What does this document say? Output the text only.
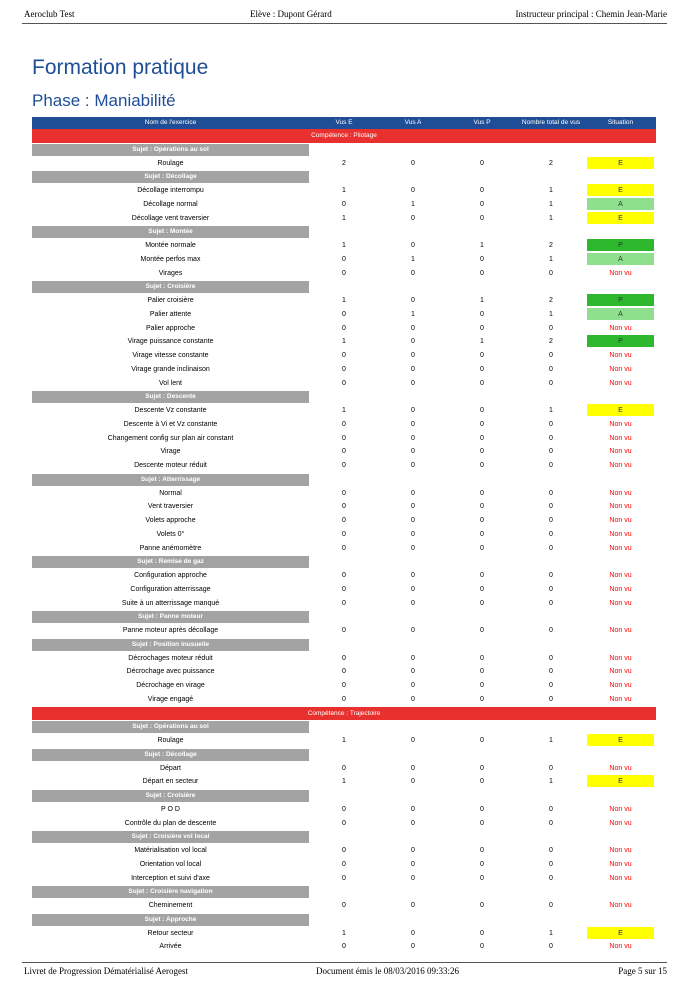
Aeroclub Test	Elève : Dupont Gérard	Instructeur principal : Chemin Jean-Marie
Formation pratique
Phase : Maniabilité
Nom de l'exercice	Vus E	Vus A	Vus P	Nombre total de vus	Situation
Compétence : Pilotage
Sujet : Opérations au sol
Roulage	2	0	0	2	E
Sujet : Décollage
Décollage interrompu	1	0	0	1	E
Décollage normal	0	1	0	1	A
Décollage vent traversier	1	0	0	1	E
Sujet : Montée
Montée normale	1	0	1	2	P
Montée perfos max	0	1	0	1	A
Virages	0	0	0	0	Non vu
Sujet : Croisière
Palier croisière	1	0	1	2	P
Palier attente	0	1	0	1	A
Palier approche	0	0	0	0	Non vu
Virage puissance constante	1	0	1	2	P
Virage vitesse constante	0	0	0	0	Non vu
Virage grande inclinaison	0	0	0	0	Non vu
Vol lent	0	0	0	0	Non vu
Sujet : Descente
Descente Vz constante	1	0	0	1	E
Descente à Vi et Vz constante	0	0	0	0	Non vu
Changement config sur plan air constant	0	0	0	0	Non vu
Virage	0	0	0	0	Non vu
Descente moteur réduit	0	0	0	0	Non vu
Sujet : Atterrissage
Normal	0	0	0	0	Non vu
Vent traversier	0	0	0	0	Non vu
Volets approche	0	0	0	0	Non vu
Volets 0°	0	0	0	0	Non vu
Panne anémomètre	0	0	0	0	Non vu
Sujet : Remise de gaz
Configuration approche	0	0	0	0	Non vu
Configuration atterrissage	0	0	0	0	Non vu
Suite à un atterrissage manqué	0	0	0	0	Non vu
Sujet : Panne moteur
Panne moteur après décollage	0	0	0	0	Non vu
Sujet : Position inusuelle
Décrochages moteur réduit	0	0	0	0	Non vu
Décrochage avec puissance	0	0	0	0	Non vu
Décrochage en virage	0	0	0	0	Non vu
Virage engagé	0	0	0	0	Non vu
Compétence : Trajectoire
Sujet : Opérations au sol
Roulage	1	0	0	1	E
Sujet : Décollage
Départ	0	0	0	0	Non vu
Départ en secteur	1	0	0	1	E
Sujet : Croisière
P O D	0	0	0	0	Non vu
Contrôle du plan de descente	0	0	0	0	Non vu
Sujet : Croisière vol local
Matérialisation vol local	0	0	0	0	Non vu
Orientation vol local	0	0	0	0	Non vu
Interception et suivi d'axe	0	0	0	0	Non vu
Sujet : Croisière navigation
Cheminement	0	0	0	0	Non vu
Sujet : Approche
Retour secteur	1	0	0	1	E
Arrivée	0	0	0	0	Non vu
Livret de Progression Dématérialisé Aerogest	Document émis le 08/03/2016 09:33:26	Page 5 sur 15
